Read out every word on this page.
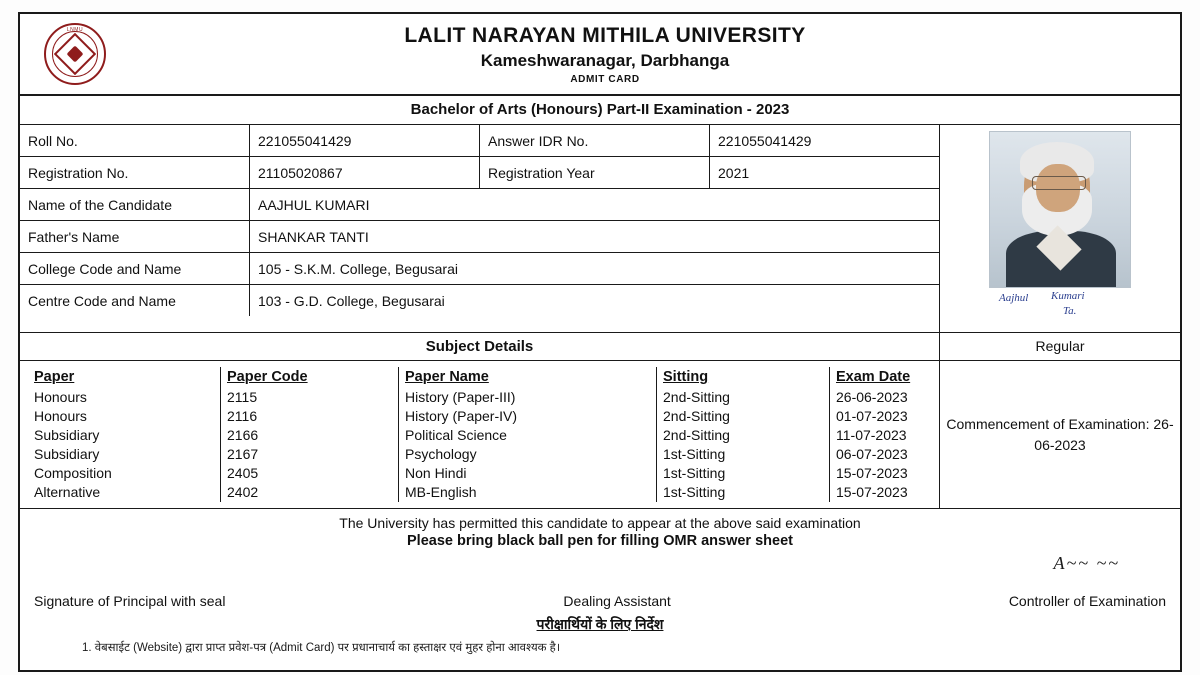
LNMU	LALIT NARAYAN MITHILA UNIVERSITY
Kameshwaranagar, Darbhanga
ADMIT CARD
Bachelor of Arts (Honours) Part-II Examination - 2023
Roll No.	221055041429	Answer IDR No.	221055041429
Registration No.	21105020867	Registration Year	2021
Name of the Candidate	AAJHUL KUMARI
Father's Name	SHANKAR TANTI
College Code and Name	105 - S.K.M. College, Begusarai
Centre Code and Name	103 - G.D. College, Begusarai	Aajhul Kumari
Ta.
Subject Details	Regular
Paper	Paper Code	Paper Name	Sitting	Exam Date
Honours	2115	History (Paper-III)	2nd-Sitting	26-06-2023
Honours	2116	History (Paper-IV)	2nd-Sitting	01-07-2023
Subsidiary	2166	Political Science	2nd-Sitting	11-07-2023
Subsidiary	2167	Psychology	1st-Sitting	06-07-2023
Composition	2405	Non Hindi	1st-Sitting	15-07-2023
Alternative	2402	MB-English	1st-Sitting	15-07-2023
Commencement of Examination: 26-06-2023
The University has permitted this candidate to appear at the above said examination
Please bring black ball pen for filling OMR answer sheet
A~~ ~~
Signature of Principal with seal	Dealing Assistant	Controller of Examination
परीक्षार्थियों के लिए निर्देश
1. वेबसाईट (Website) द्वारा प्राप्त प्रवेश-पत्र (Admit Card) पर प्रधानाचार्य का हस्ताक्षर एवं मुहर होना आवश्यक है।
